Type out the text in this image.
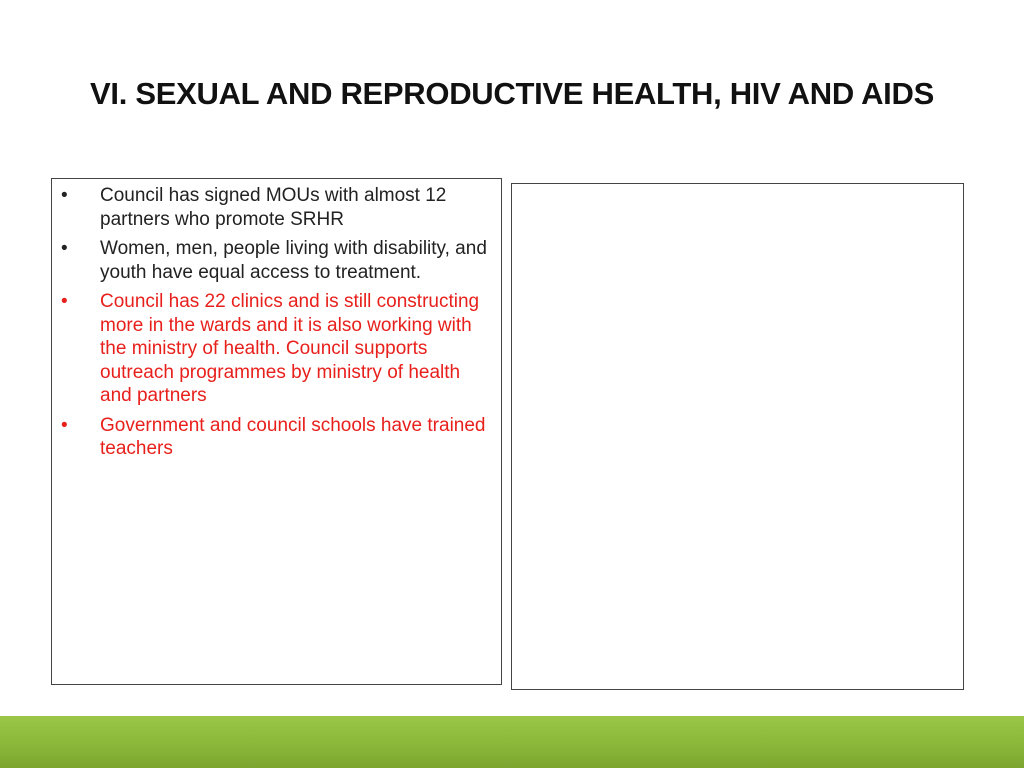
VI. SEXUAL AND REPRODUCTIVE HEALTH, HIV AND AIDS
• Council has signed MOUs with almost 12 partners who promote SRHR
• Women, men, people living with disability, and youth have equal access to treatment.
• Council has 22 clinics and is still constructing more in the wards and it is also working with the ministry of health. Council supports outreach programmes by ministry of health and partners
• Government and council schools have trained teachers
